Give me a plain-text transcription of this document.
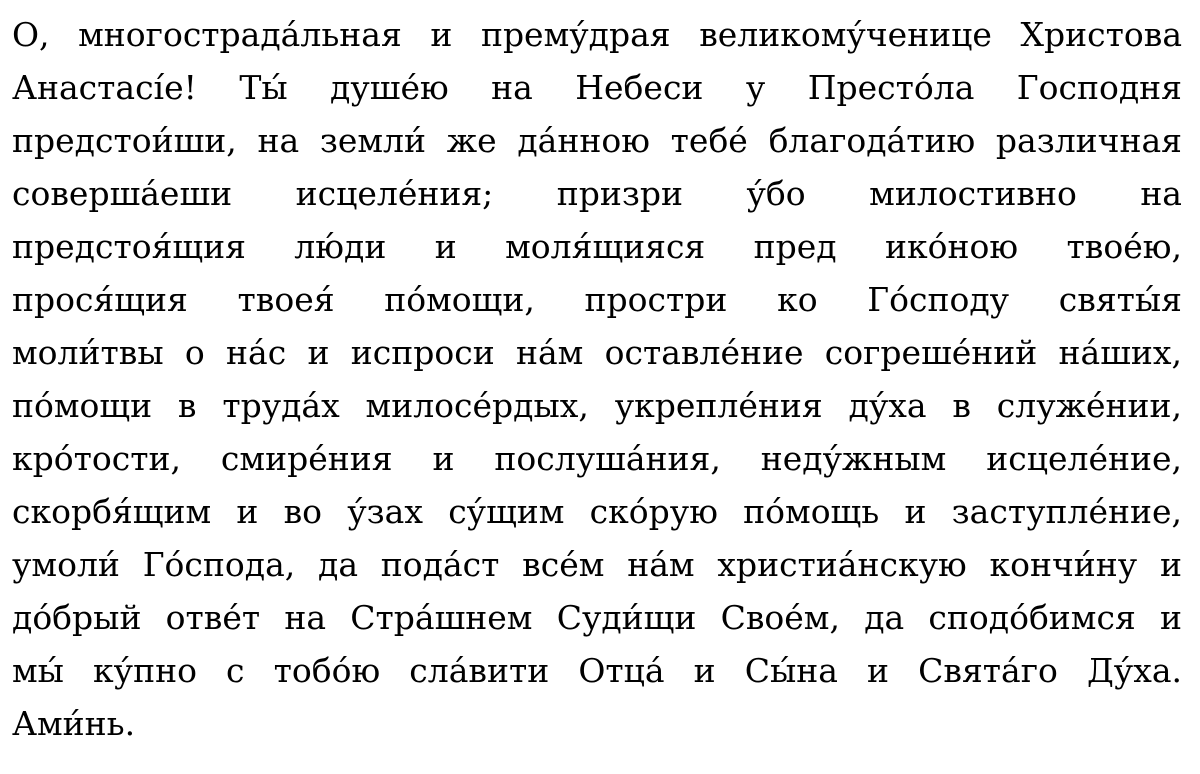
О, многострада́льная и прему́драя великому́ченице Христова
Анастасі́е! Ты́ душе́ю на Небеси у Престо́ла Господня
предстои́ши, на земли́ же да́нною тебе́ благода́тию различная
соверша́еши исцеле́ния; призри у́бо милостивно на
предстоя́щия лю́ди и моля́щияся пред ико́ною твое́ю,
прося́щия твоея́ по́мощи, простри ко Го́споду святы́я
моли́твы о на́с и испроси на́м оставле́ние согреше́ний на́ших,
по́мощи в труда́х милосе́рдых, укрепле́ния ду́ха в служе́нии,
кро́тости, смире́ния и послуша́ния, неду́жным исцеле́ние,
скорбя́щим и во у́зах су́щим ско́рую по́мощь и заступле́ние,
умоли́ Го́спода, да пода́ст все́м на́м христиа́нскую кончи́ну и
до́брый отве́т на Стра́шнем Суди́щи Свое́м, да сподо́бимся и
мы́ ку́пно с тобо́ю сла́вити Отца́ и Сы́на и Свята́го Ду́ха.
Ами́нь.
